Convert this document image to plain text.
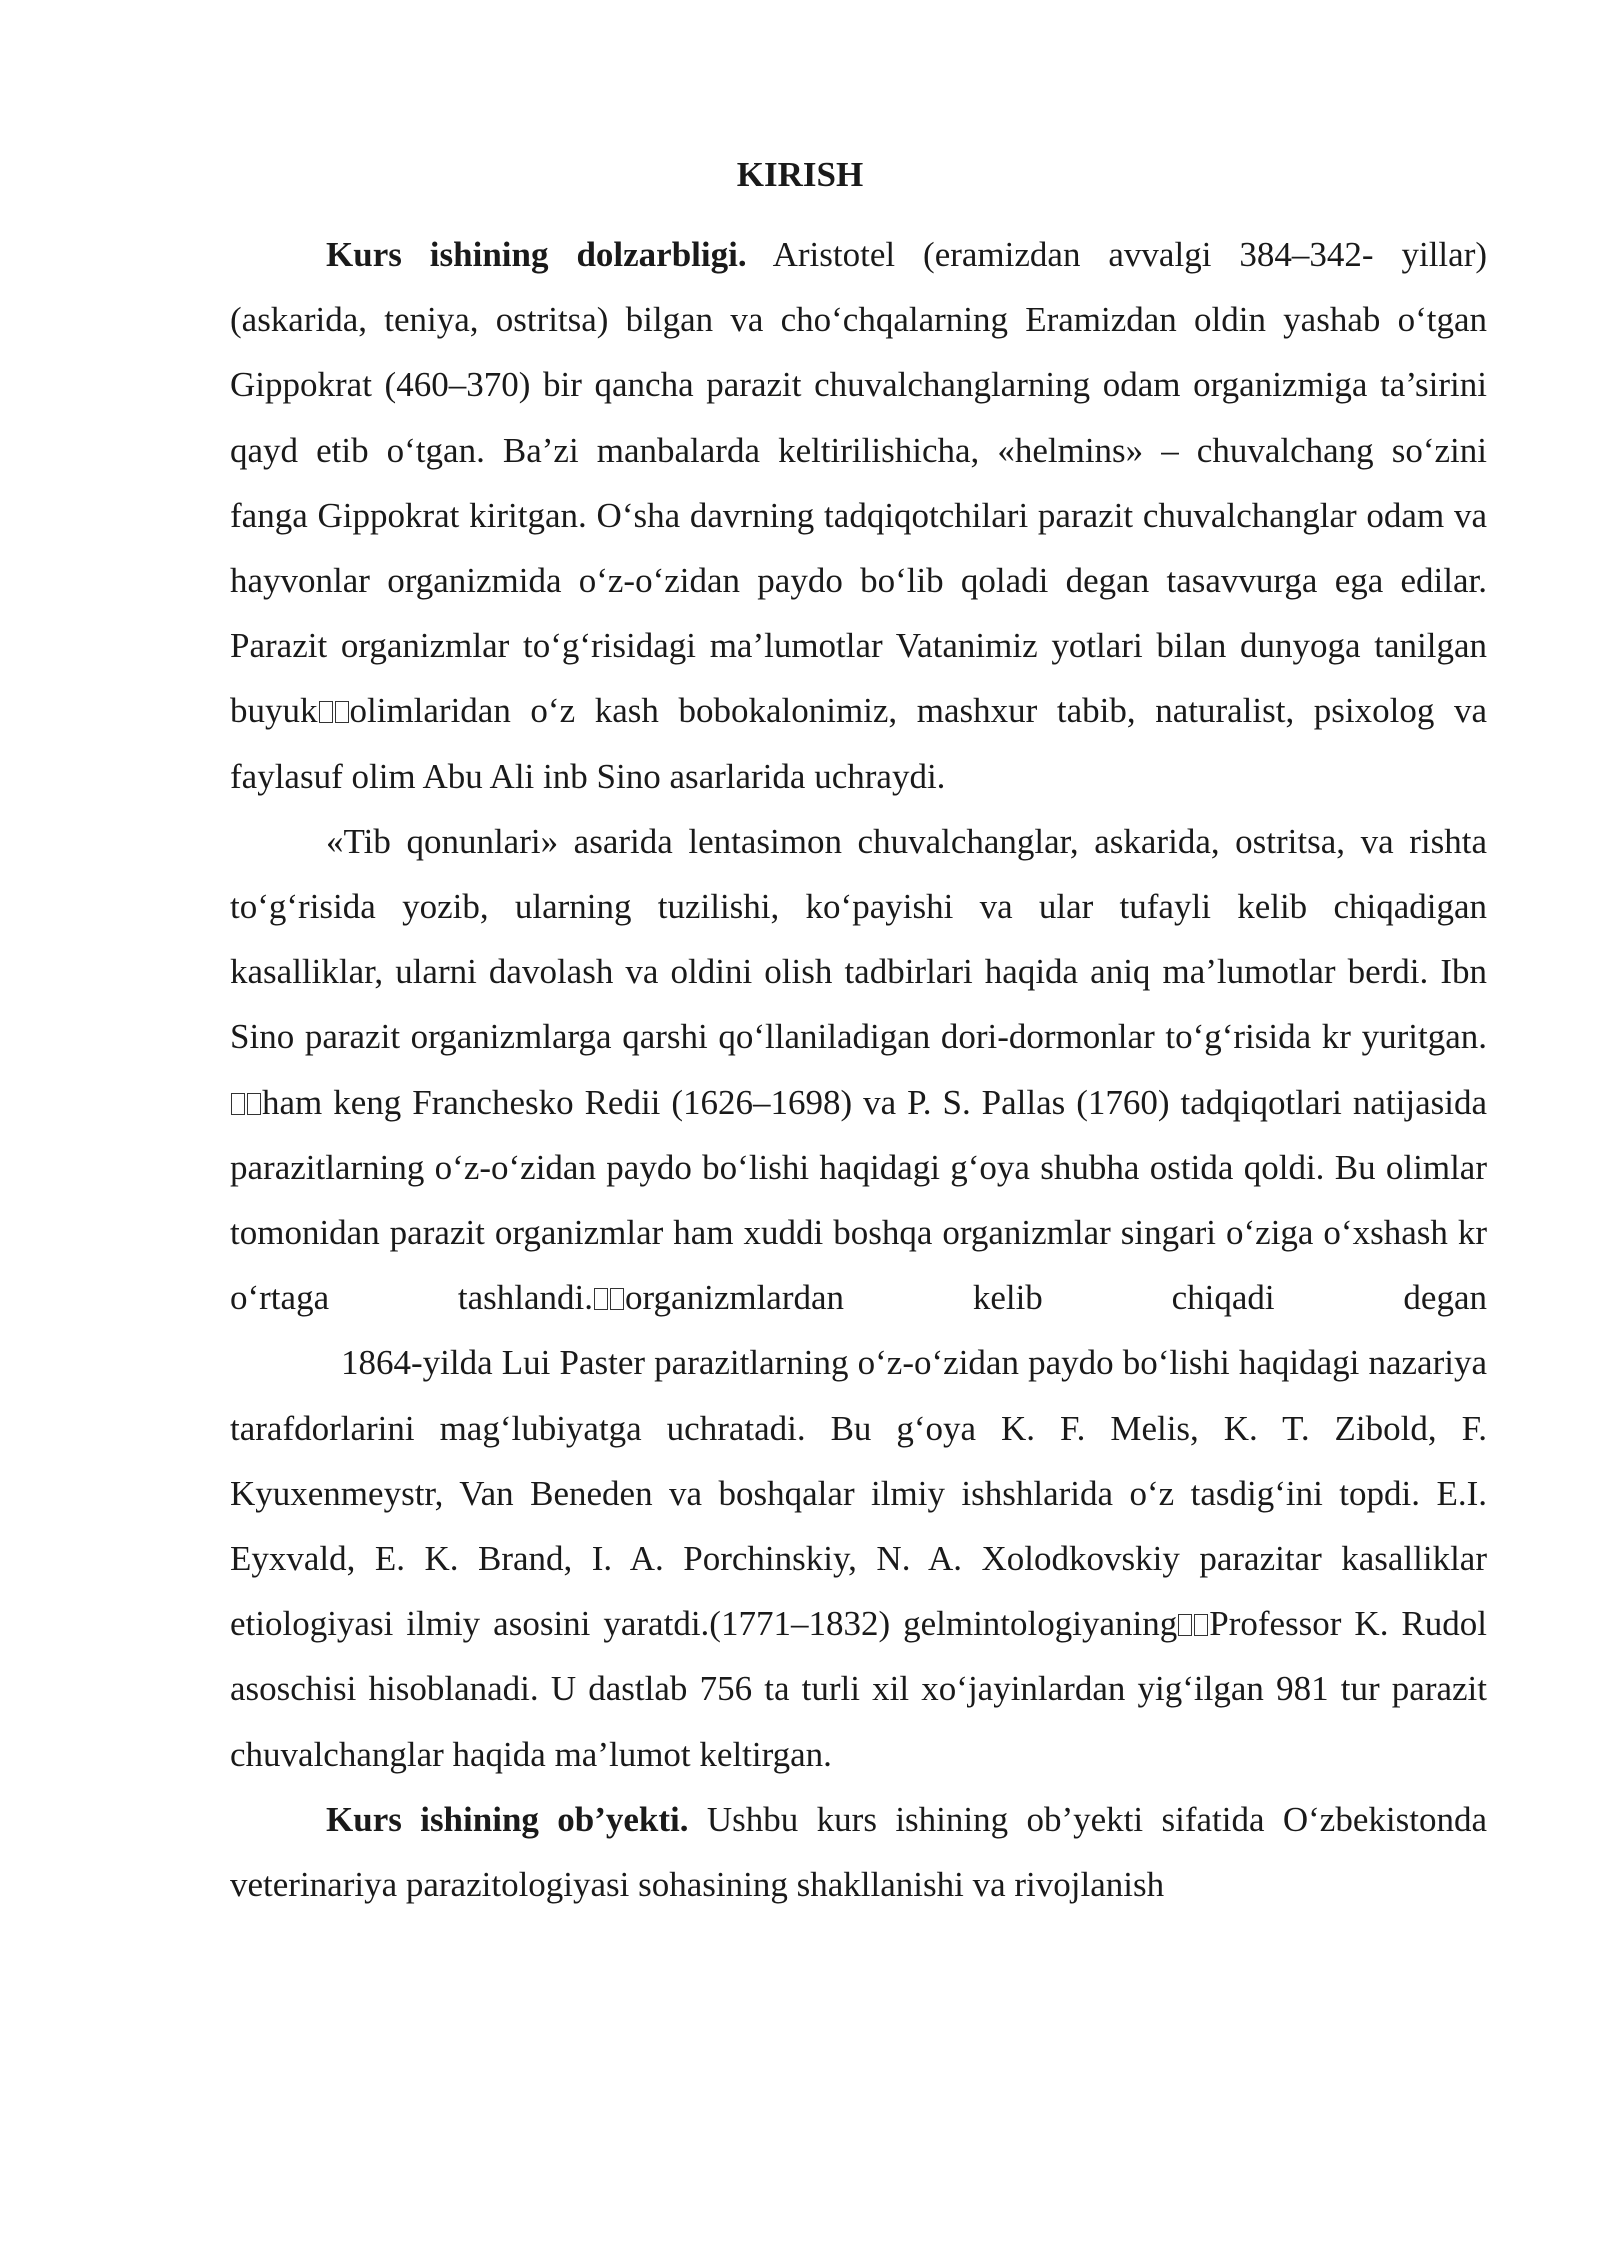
KIRISH

Kurs ishining dolzarbligi. Aristotel (eramizdan avvalgi 384–342- yillar) (askarida, teniya, ostritsa) bilgan va cho‘chqalarning Eramizdan oldin yashab o‘tgan Gippokrat (460–370) bir qancha parazit chuvalchanglarning odam organizmiga ta’sirini qayd etib o‘tgan. Ba’zi manbalarda keltirilishicha, «helmins» – chuvalchang so‘zini fanga Gippokrat kiritgan. O‘sha davrning tadqiqotchilari parazit chuvalchanglar odam va hayvonlar organizmida o‘z-o‘zidan paydo bo‘lib qoladi degan tasavvurga ega edilar. Parazit organizmlar to‘g‘risidagi ma’lumotlar Vatanimiz yotlari bilan dunyoga tanilgan buyuk olimlaridan o‘z kash bobokalonimiz, mashxur tabib, naturalist, psixolog va faylasuf olim Abu Ali inb Sino asarlarida uchraydi.

«Tib qonunlari» asarida lentasimon chuvalchanglar, askarida, ostritsa, va rishta to‘g‘risida yozib, ularning tuzilishi, ko‘payishi va ular tufayli kelib chiqadigan kasalliklar, ularni davolash va oldini olish tadbirlari haqida aniq ma’lumotlar berdi. Ibn Sino parazit organizmlarga qarshi qo‘llaniladigan dori-dormonlar to‘g‘risida kr yuritgan.ham keng Franchesko Redii (1626–1698) va P. S. Pallas (1760) tadqiqotlari natijasida parazitlarning o‘z-o‘zidan paydo bo‘lishi haqidagi g‘oya shubha ostida qoldi. Bu olimlar tomonidan parazit organizmlar ham xuddi boshqa organizmlar singari o‘ziga o‘xshash kr o‘rtaga tashlandi. organizmlardan kelib chiqadi degan

1864-yilda Lui Paster parazitlarning o‘z-o‘zidan paydo bo‘lishi haqidagi nazariya tarafdorlarini mag‘lubiyatga uchratadi. Bu g‘oya K. F. Melis, K. T. Zibold, F. Kyuxenmeystr, Van Beneden va boshqalar ilmiy ishshlarida o‘z tasdig‘ini topdi. E.I. Eyxvald, E. K. Brand, I. A. Porchinskiy, N. A. Xolodkovskiy parazitar kasalliklar etiologiyasi ilmiy asosini yaratdi.(1771–1832) gelmintologiyaning Professor K. Rudol asoschisi hisoblanadi. U dastlab 756 ta turli xil xo‘jayinlardan yig‘ilgan 981 tur parazit chuvalchanglar haqida ma’lumot keltirgan.

Kurs ishining ob’yekti. Ushbu kurs ishining ob’yekti sifatida O‘zbekistonda veterinariya parazitologiyasi sohasining shakllanishi va rivojlanish
